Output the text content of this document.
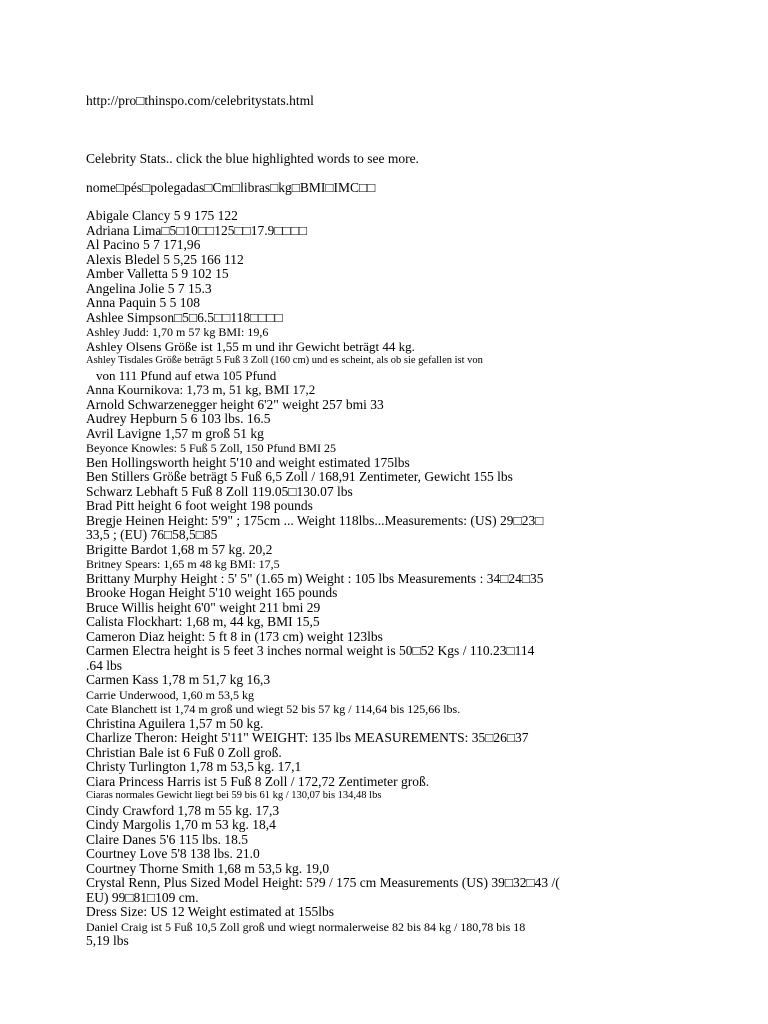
http://pro□thinspo.com/celebritystats.html
Celebrity Stats.. click the blue highlighted words to see more.
nome□pés□polegadas□Cm□libras□kg□BMI□IMC□□
Abigale Clancy 5 9 175 122
Adriana Lima□5□10□□125□□17.9□□□□
Al Pacino 5 7 171,96
Alexis Bledel 5 5,25 166 112
Amber Valletta 5 9 102 15
Angelina Jolie 5 7 15.3
Anna Paquin 5 5 108
Ashlee Simpson□5□6.5□□118□□□□
Ashley Judd: 1,70 m 57 kg BMI: 19,6
Ashley Olsens Größe ist 1,55 m und ihr Gewicht beträgt 44 kg.
Ashley Tisdales Größe beträgt 5 Fuß 3 Zoll (160 cm) und es scheint, als ob sie gefallen ist von
von 111 Pfund auf etwa 105 Pfund
Anna Kournikova: 1,73 m, 51 kg, BMI 17,2
Arnold Schwarzenegger height 6'2" weight 257 bmi 33
Audrey Hepburn 5 6 103 lbs. 16.5
Avril Lavigne 1,57 m groß 51 kg
Beyonce Knowles: 5 Fuß 5 Zoll, 150 Pfund BMI 25
Ben Hollingsworth height 5'10 and weight estimated 175lbs
Ben Stillers Größe beträgt 5 Fuß 6,5 Zoll / 168,91 Zentimeter, Gewicht 155 lbs
Schwarz Lebhaft 5 Fuß 8 Zoll 119.05□130.07 lbs
Brad Pitt height 6 foot weight 198 pounds
Bregje Heinen Height: 5'9" ; 175cm ... Weight 118lbs...Measurements: (US) 29□23□
33,5 ; (EU) 76□58,5□85
Brigitte Bardot 1,68 m 57 kg. 20,2
Britney Spears: 1,65 m 48 kg BMI: 17,5
Brittany Murphy Height : 5' 5" (1.65 m) Weight : 105 lbs Measurements : 34□24□35
Brooke Hogan Height 5'10 weight 165 pounds
Bruce Willis height 6'0" weight 211 bmi 29
Calista Flockhart: 1,68 m, 44 kg, BMI 15,5
Cameron Diaz height: 5 ft 8 in (173 cm) weight 123lbs
Carmen Electra height is 5 feet 3 inches normal weight is 50□52 Kgs / 110.23□114
.64 lbs
Carmen Kass 1,78 m 51,7 kg 16,3
Carrie Underwood, 1,60 m 53,5 kg
Cate Blanchett ist 1,74 m groß und wiegt 52 bis 57 kg / 114,64 bis 125,66 lbs.
Christina Aguilera 1,57 m 50 kg.
Charlize Theron: Height 5'11" WEIGHT: 135 lbs MEASUREMENTS: 35□26□37
Christian Bale ist 6 Fuß 0 Zoll groß.
Christy Turlington 1,78 m 53,5 kg. 17,1
Ciara Princess Harris ist 5 Fuß 8 Zoll / 172,72 Zentimeter groß.
Ciaras normales Gewicht liegt bei 59 bis 61 kg / 130,07 bis 134,48 lbs
Cindy Crawford 1,78 m 55 kg. 17,3
Cindy Margolis 1,70 m 53 kg. 18,4
Claire Danes 5'6 115 lbs. 18.5
Courtney Love 5'8 138 lbs. 21.0
Courtney Thorne Smith 1,68 m 53,5 kg. 19,0
Crystal Renn, Plus Sized Model Height: 5?9 / 175 cm Measurements (US) 39□32□43 /(
EU) 99□81□109 cm.
Dress Size: US 12 Weight estimated at 155lbs
Daniel Craig ist 5 Fuß 10,5 Zoll groß und wiegt normalerweise 82 bis 84 kg / 180,78 bis 18
5,19 lbs
